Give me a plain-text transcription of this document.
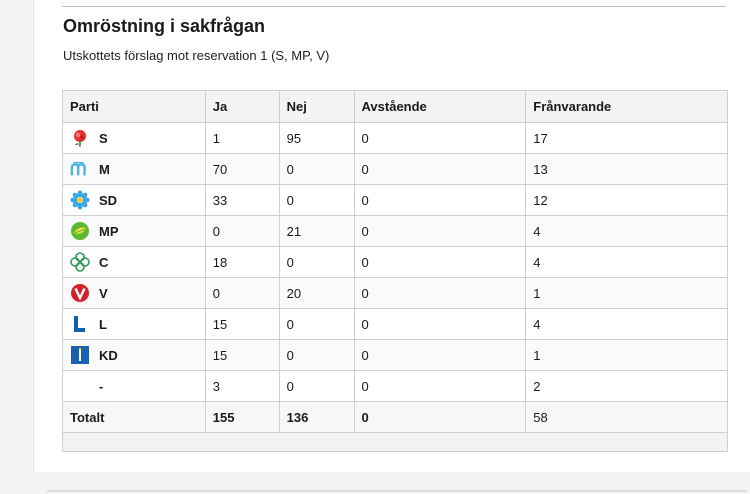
Omröstning i sakfrågan
Utskottets förslag mot reservation 1 (S, MP, V)
Parti	Ja	Nej	Avstående	Frånvarande

S	1	95	0	17

M	70	0	0	13

SD	33	0	0	12

MP	0	21	0	4

C	18	0	0	4

V	0	20	0	1

L	15	0	0	4

KD	15	0	0	1

-	3	0	0	2
Totalt	155	136	0	58
